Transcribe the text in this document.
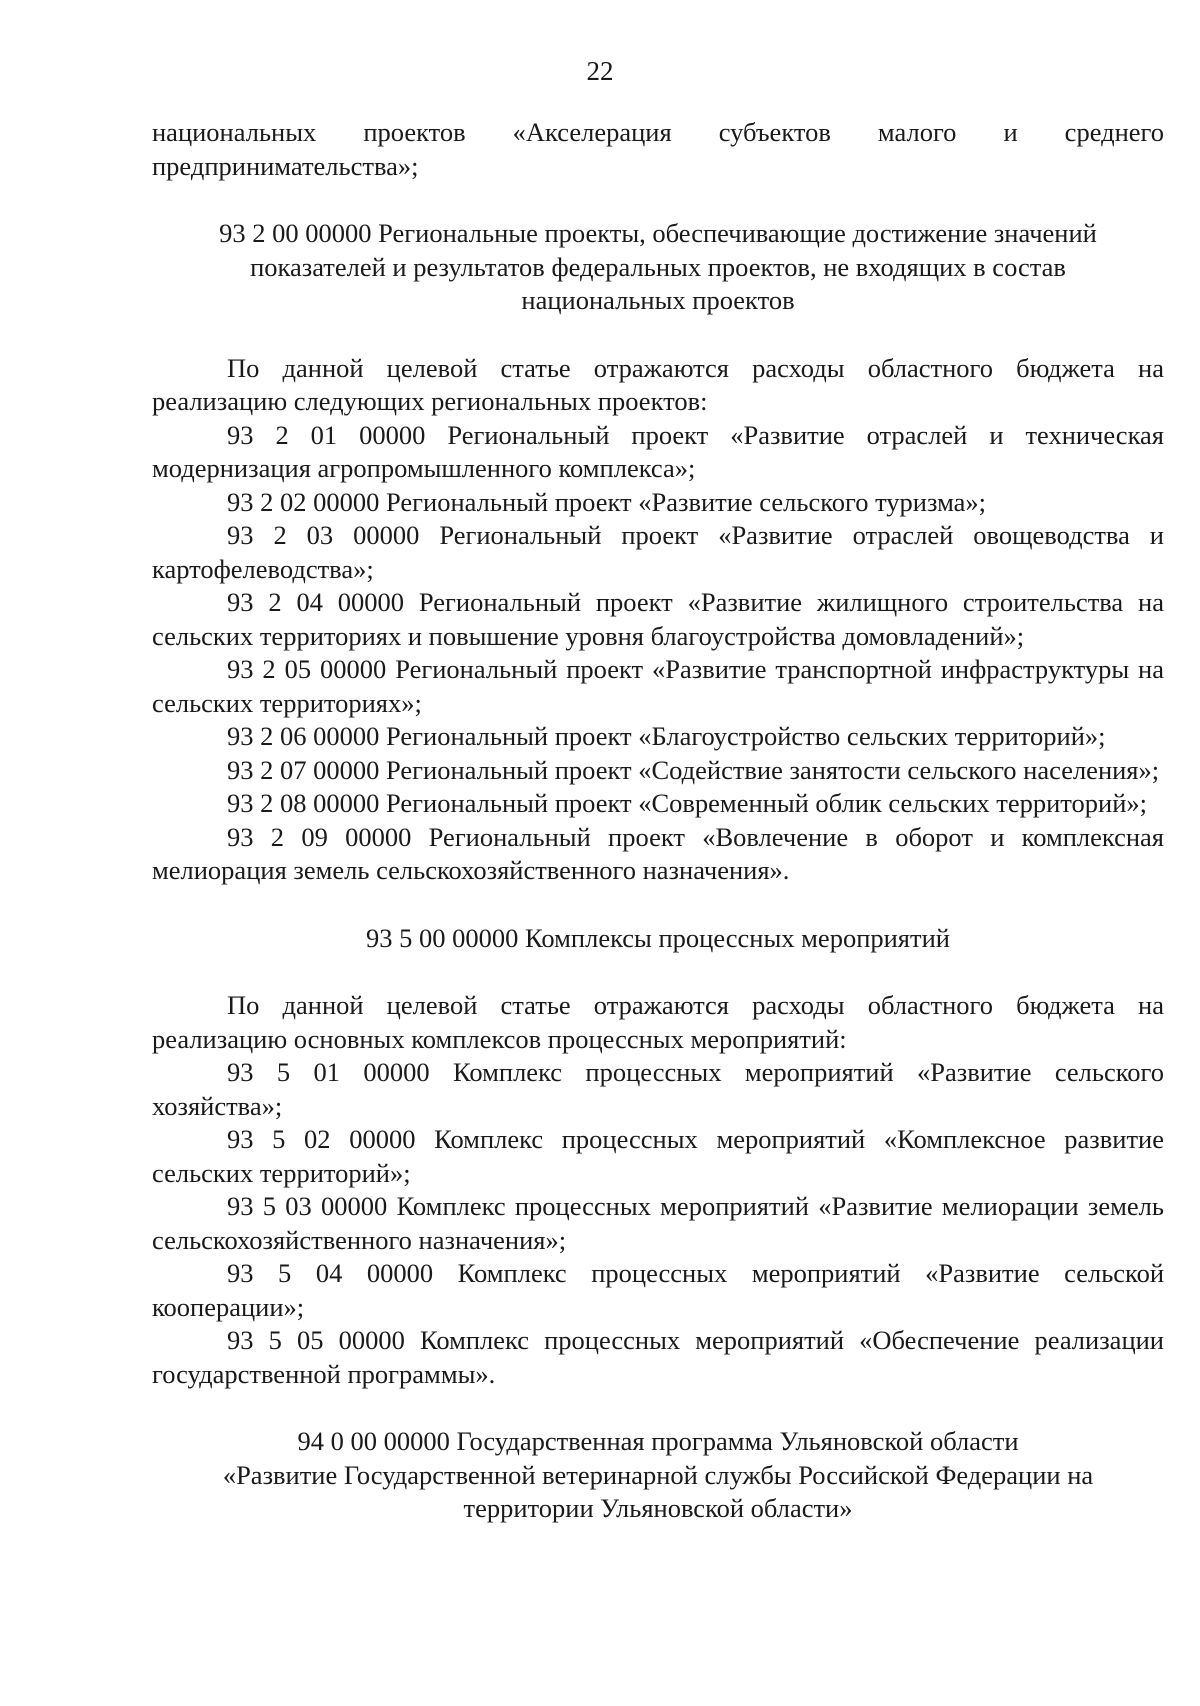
22

национальных проектов «Акселерация субъектов малого и среднего предпринимательства»;

93 2 00 00000 Региональные проекты, обеспечивающие достижение значений показателей и результатов федеральных проектов, не входящих в состав национальных проектов

По данной целевой статье отражаются расходы областного бюджета на реализацию следующих региональных проектов:

93 2 01 00000 Региональный проект «Развитие отраслей и техническая модернизация агропромышленного комплекса»;

93 2 02 00000 Региональный проект «Развитие сельского туризма»;

93 2 03 00000 Региональный проект «Развитие отраслей овощеводства и картофелеводства»;

93 2 04 00000 Региональный проект «Развитие жилищного строительства на сельских территориях и повышение уровня благоустройства домовладений»;

93 2 05 00000 Региональный проект «Развитие транспортной инфраструктуры на сельских территориях»;

93 2 06 00000 Региональный проект «Благоустройство сельских территорий»;

93 2 07 00000 Региональный проект «Содействие занятости сельского населения»;

93 2 08 00000 Региональный проект «Современный облик сельских территорий»;

93 2 09 00000 Региональный проект «Вовлечение в оборот и комплексная мелиорация земель сельскохозяйственного назначения».

93 5 00 00000 Комплексы процессных мероприятий

По данной целевой статье отражаются расходы областного бюджета на реализацию основных комплексов процессных мероприятий:

93 5 01 00000 Комплекс процессных мероприятий «Развитие сельского хозяйства»;

93 5 02 00000 Комплекс процессных мероприятий «Комплексное развитие сельских территорий»;

93 5 03 00000 Комплекс процессных мероприятий «Развитие мелиорации земель сельскохозяйственного назначения»;

93 5 04 00000 Комплекс процессных мероприятий «Развитие сельской кооперации»;

93 5 05 00000 Комплекс процессных мероприятий «Обеспечение реализации государственной программы».

94 0 00 00000 Государственная программа Ульяновской области

«Развитие Государственной ветеринарной службы Российской Федерации на

территории Ульяновской области»
